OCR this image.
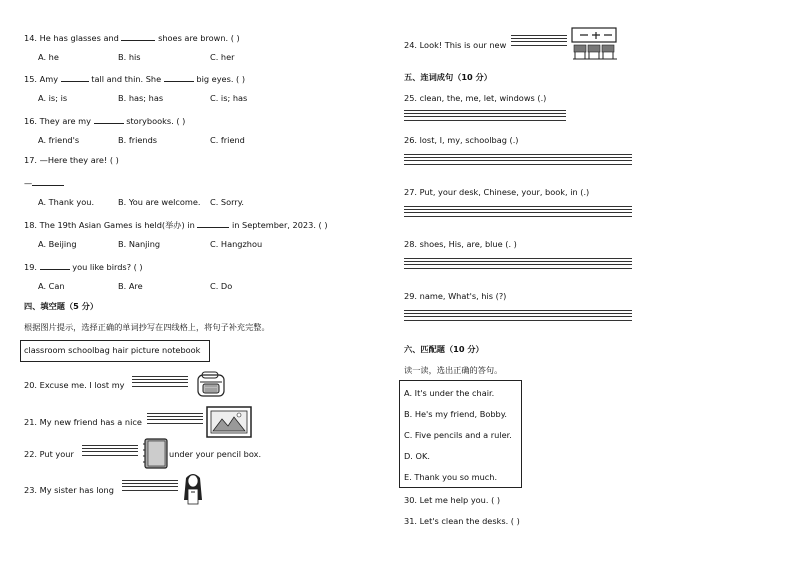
14. He has glasses and	shoes are brown. ( )
A. he	B. his	C. her
15. Amy	tall and thin. She	big eyes. ( )
A. is; is	B. has; has	C. is; has
16. They are my	storybooks. ( )
A. friend's	B. friends	C. friend
17. —Here they are! ( )
—
A. Thank you.	B. You are welcome. C. Sorry.
18. The 19th Asian Games is held(举办) in	in September, 2023. ( )
A. Beijing	B. Nanjing	C. Hangzhou
19.	you like birds? ( )
A. Can	B. Are	C. Do
四、填空题（5 分）
根据图片提示，选择正确的单词抄写在四线格上，将句子补充完整。
classroom schoolbag hair picture notebook
20. Excuse me. I lost my
21. My new friend has a nice
22. Put your	under your pencil box.
23. My sister has long
24. Look! This is our new
五、连词成句（10 分）
25. clean, the, me, let, windows (.)
26. lost, I, my, schoolbag (.)
27. Put, your desk, Chinese, your, book, in (.)
28. shoes, His, are, blue (. )
29. name, What's, his (?)
六、匹配题（10 分）
读一读，选出正确的答句。
A. It's under the chair.
B. He's my friend, Bobby.
C. Five pencils and a ruler.
D. OK.
E. Thank you so much.
30. Let me help you. ( )
31. Let's clean the desks. ( )
